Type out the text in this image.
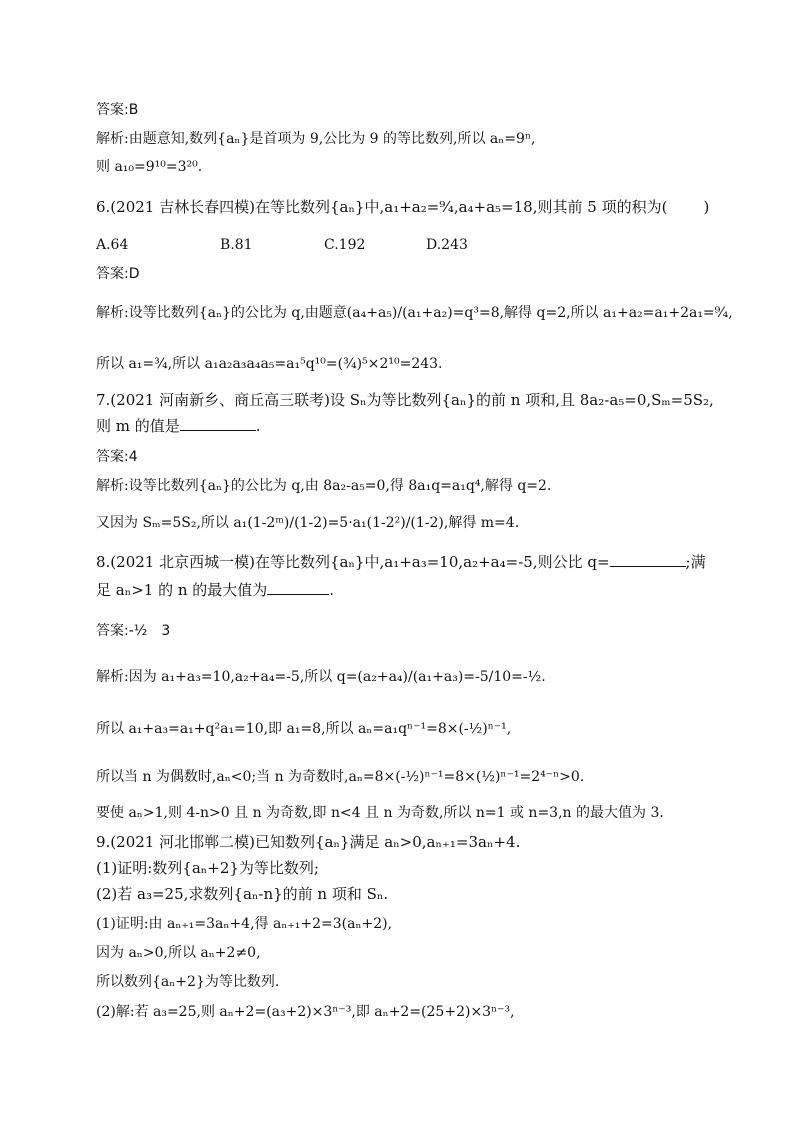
答案:B
解析:由题意知,数列{aₙ}是首项为 9,公比为 9 的等比数列,所以 aₙ=9ⁿ,
则 a₁₀=9¹⁰=3²⁰.
6.(2021 吉林长春四模)在等比数列{aₙ}中,a₁+a₂=⁹⁄₄,a₄+a₅=18,则其前 5 项的积为( )
A.64	B.81	C.192	D.243
答案:D
解析:设等比数列{aₙ}的公比为 q,由题意(a₄+a₅)/(a₁+a₂)=q³=8,解得 q=2,所以 a₁+a₂=a₁+2a₁=⁹⁄₄,
所以 a₁=¾,所以 a₁a₂a₃a₄a₅=a₁⁵q¹⁰=(¾)⁵×2¹⁰=243.
7.(2021 河南新乡、商丘高三联考)设 Sₙ为等比数列{aₙ}的前 n 项和,且 8a₂-a₅=0,Sₘ=5S₂,
则 m 的值是	.
答案:4
解析:设等比数列{aₙ}的公比为 q,由 8a₂-a₅=0,得 8a₁q=a₁q⁴,解得 q=2.
又因为 Sₘ=5S₂,所以 a₁(1-2ᵐ)/(1-2)=5·a₁(1-2²)/(1-2),解得 m=4.
8.(2021 北京西城一模)在等比数列{aₙ}中,a₁+a₃=10,a₂+a₄=-5,则公比 q=	;满
足 aₙ>1 的 n 的最大值为	.
答案:-½　3
解析:因为 a₁+a₃=10,a₂+a₄=-5,所以 q=(a₂+a₄)/(a₁+a₃)=-5/10=-½.
所以 a₁+a₃=a₁+q²a₁=10,即 a₁=8,所以 aₙ=a₁qⁿ⁻¹=8×(-½)ⁿ⁻¹,
所以当 n 为偶数时,aₙ<0;当 n 为奇数时,aₙ=8×(-½)ⁿ⁻¹=8×(½)ⁿ⁻¹=2⁴⁻ⁿ>0.
要使 aₙ>1,则 4-n>0 且 n 为奇数,即 n<4 且 n 为奇数,所以 n=1 或 n=3,n 的最大值为 3.
9.(2021 河北邯郸二模)已知数列{aₙ}满足 aₙ>0,aₙ₊₁=3aₙ+4.
(1)证明:数列{aₙ+2}为等比数列;
(2)若 a₃=25,求数列{aₙ-n}的前 n 项和 Sₙ.
(1)证明:由 aₙ₊₁=3aₙ+4,得 aₙ₊₁+2=3(aₙ+2),
因为 aₙ>0,所以 aₙ+2≠0,
所以数列{aₙ+2}为等比数列.
(2)解:若 a₃=25,则 aₙ+2=(a₃+2)×3ⁿ⁻³,即 aₙ+2=(25+2)×3ⁿ⁻³,
